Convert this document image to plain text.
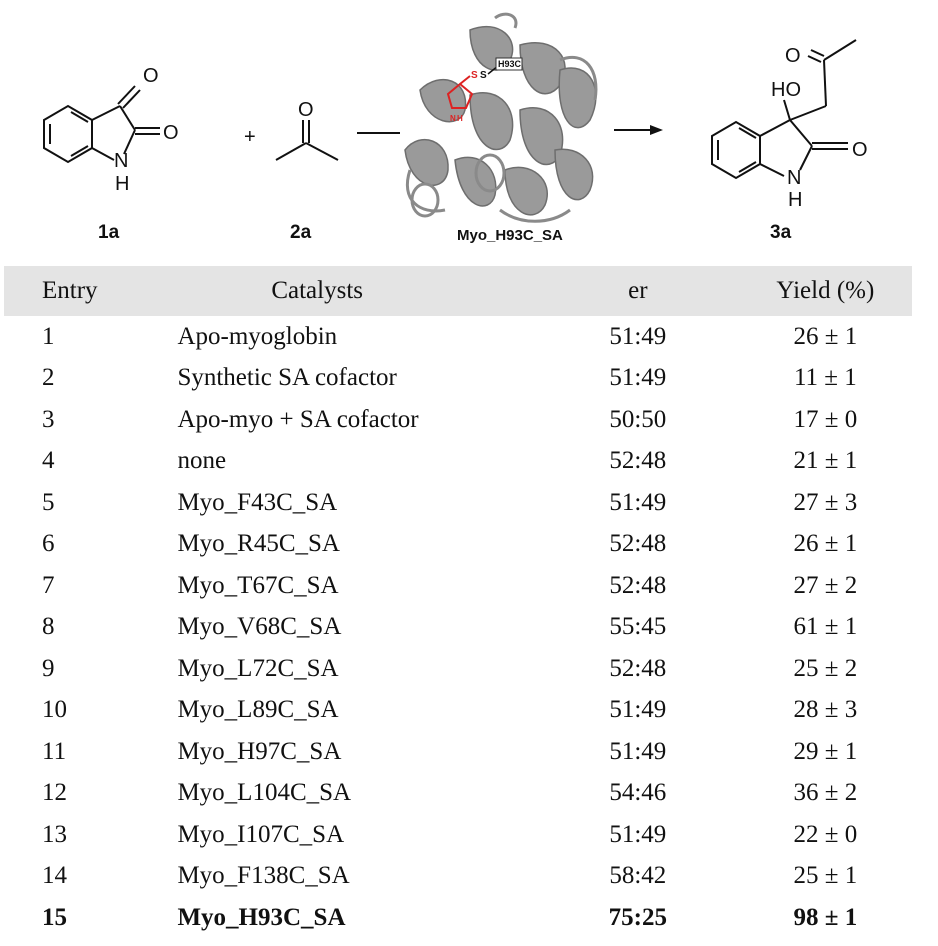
O
O
N
H
1a
+
O
2a
S S
H93C
N H
Myo_H93C_SA
O
HO
O
N
H
3a
Entry	Catalysts	er	Yield (%)
1	Apo-myoglobin	51:49	26 ± 1
2	Synthetic SA cofactor	51:49	11 ± 1
3	Apo-myo + SA cofactor	50:50	17 ± 0
4	none	52:48	21 ± 1
5	Myo_F43C_SA	51:49	27 ± 3
6	Myo_R45C_SA	52:48	26 ± 1
7	Myo_T67C_SA	52:48	27 ± 2
8	Myo_V68C_SA	55:45	61 ± 1
9	Myo_L72C_SA	52:48	25 ± 2
10	Myo_L89C_SA	51:49	28 ± 3
11	Myo_H97C_SA	51:49	29 ± 1
12	Myo_L104C_SA	54:46	36 ± 2
13	Myo_I107C_SA	51:49	22 ± 0
14	Myo_F138C_SA	58:42	25 ± 1
15	Myo_H93C_SA	75:25	98 ± 1
